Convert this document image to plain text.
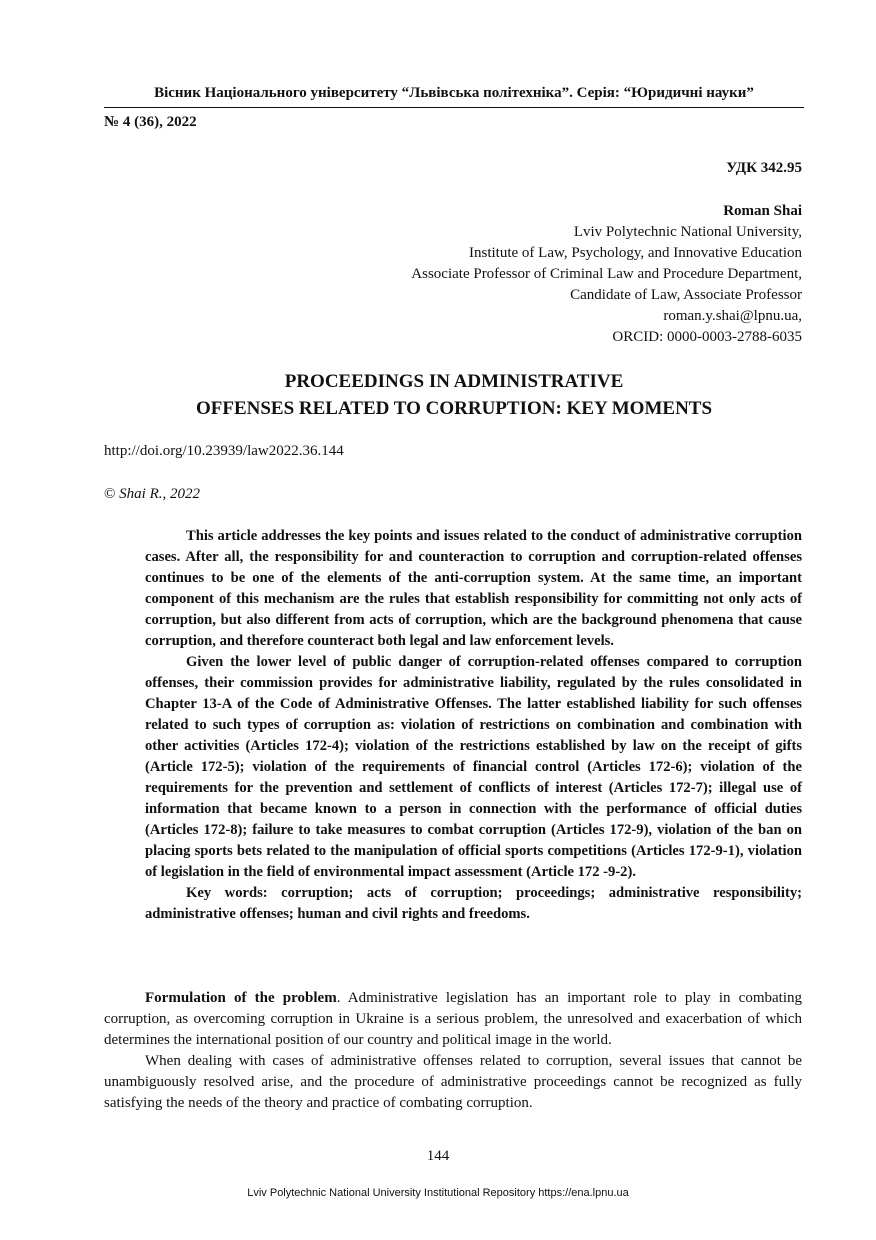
Вісник Національного університету “Львівська політехніка”. Серія: “Юридичні науки”
№ 4 (36), 2022
УДК 342.95
Roman Shai
Lviv Polytechnic National University,
Institute of Law, Psychology, and Innovative Education
Associate Professor of Criminal Law and Procedure Department,
Candidate of Law, Associate Professor
roman.y.shai@lpnu.ua,
ORCID: 0000-0003-2788-6035
PROCEEDINGS IN ADMINISTRATIVE
OFFENSES RELATED TO CORRUPTION: KEY MOMENTS
http://doi.org/10.23939/law2022.36.144
© Shai R., 2022

This article addresses the key points and issues related to the conduct of administrative corruption cases. After all, the responsibility for and counteraction to corruption and corruption-related offenses continues to be one of the elements of the anti-corruption system. At the same time, an important component of this mechanism are the rules that establish responsibility for committing not only acts of corruption, but also different from acts of corruption, which are the background phenomena that cause corruption, and therefore counteract both legal and law enforcement levels.

Given the lower level of public danger of corruption-related offenses compared to corruption offenses, their commission provides for administrative liability, regulated by the rules consolidated in Chapter 13-A of the Code of Administrative Offenses. The latter established liability for such offenses related to such types of corruption as: violation of restrictions on combination and combination with other activities (Articles 172-4); violation of the restrictions established by law on the receipt of gifts (Article 172-5); violation of the requirements of financial control (Articles 172-6); violation of the requirements for the prevention and settlement of conflicts of interest (Articles 172-7); illegal use of information that became known to a person in connection with the performance of official duties (Articles 172-8); failure to take measures to combat corruption (Articles 172-9), violation of the ban on placing sports bets related to the manipulation of official sports competitions (Articles 172-9-1), violation of legislation in the field of environmental impact assessment (Article 172 -9-2).

Key words: corruption; acts of corruption; proceedings; administrative responsibility; administrative offenses; human and civil rights and freedoms.

Formulation of the problem. Administrative legislation has an important role to play in combating corruption, as overcoming corruption in Ukraine is a serious problem, the unresolved and exacerbation of which determines the international position of our country and political image in the world.

When dealing with cases of administrative offenses related to corruption, several issues that cannot be unambiguously resolved arise, and the procedure of administrative proceedings cannot be recognized as fully satisfying the needs of the theory and practice of combating corruption.

144
Lviv Polytechnic National University Institutional Repository https://ena.lpnu.ua
